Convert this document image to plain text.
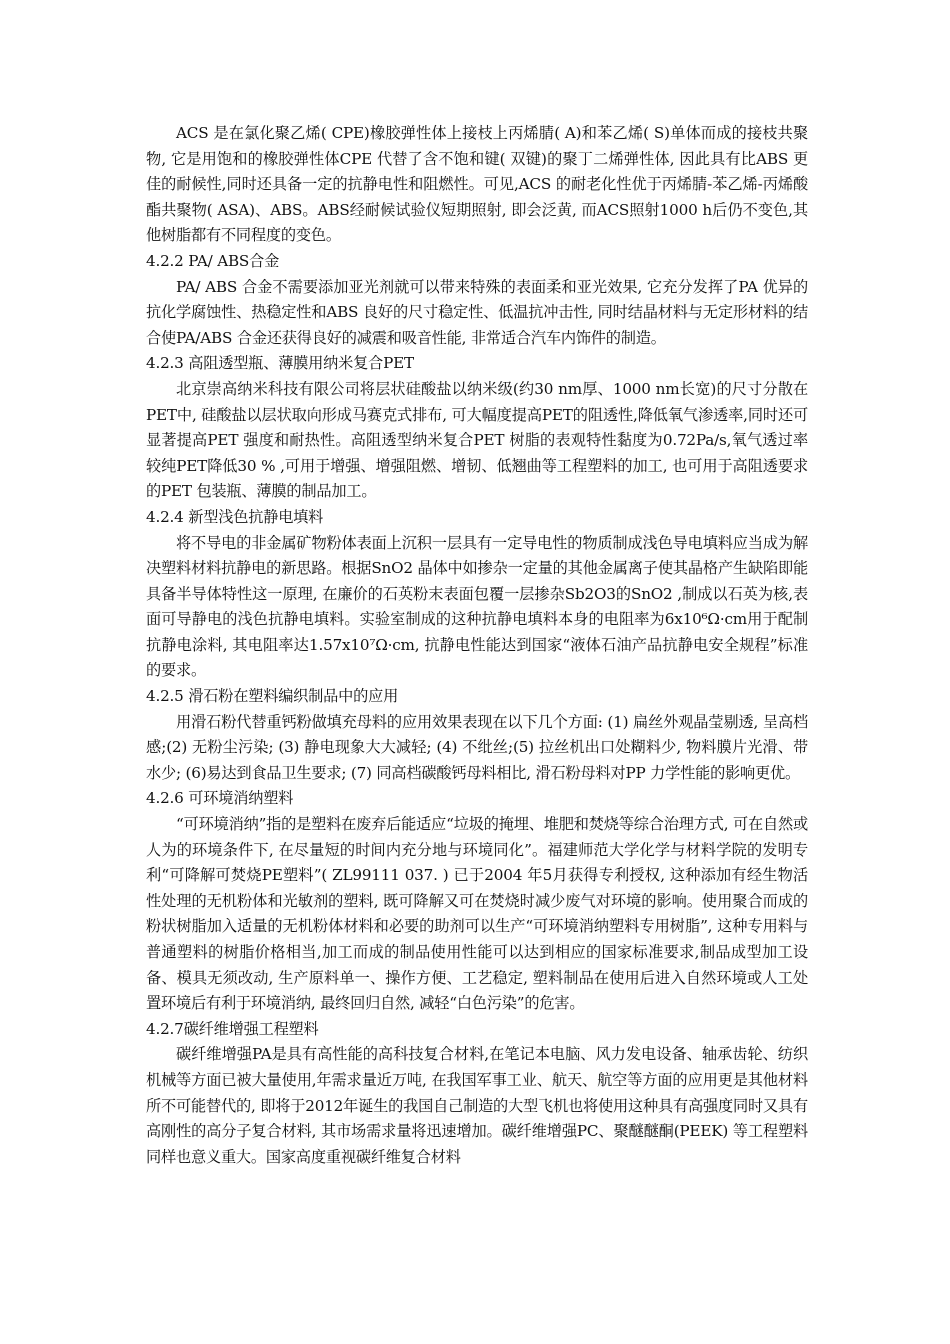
ACS 是在氯化聚乙烯( CPE)橡胶弹性体上接枝上丙烯腈( A)和苯乙烯( S)单体而成的接枝共聚物, 它是用饱和的橡胶弹性体CPE 代替了含不饱和键( 双键)的聚丁二烯弹性体, 因此具有比ABS 更佳的耐候性,同时还具备一定的抗静电性和阻燃性。可见,ACS 的耐老化性优于丙烯腈-苯乙烯-丙烯酸酯共聚物( ASA)、ABS。ABS经耐候试验仪短期照射, 即会泛黄, 而ACS照射1000 h后仍不变色,其他树脂都有不同程度的变色。

4.2.2 PA/ ABS合金

PA/ ABS 合金不需要添加亚光剂就可以带来特殊的表面柔和亚光效果, 它充分发挥了PA 优异的抗化学腐蚀性、热稳定性和ABS 良好的尺寸稳定性、低温抗冲击性, 同时结晶材料与无定形材料的结合使PA/ABS 合金还获得良好的减震和吸音性能, 非常适合汽车内饰件的制造。

4.2.3 高阻透型瓶、薄膜用纳米复合PET

北京崇高纳米科技有限公司将层状硅酸盐以纳米级(约30 nm厚、1000 nm长宽)的尺寸分散在PET中, 硅酸盐以层状取向形成马赛克式排布, 可大幅度提高PET的阻透性,降低氧气渗透率,同时还可显著提高PET 强度和耐热性。高阻透型纳米复合PET 树脂的表观特性黏度为0.72Pa/s,氧气透过率较纯PET降低30 % ,可用于增强、增强阻燃、增韧、低翘曲等工程塑料的加工, 也可用于高阻透要求的PET 包装瓶、薄膜的制品加工。

4.2.4 新型浅色抗静电填料

将不导电的非金属矿物粉体表面上沉积一层具有一定导电性的物质制成浅色导电填料应当成为解决塑料材料抗静电的新思路。根据SnO2 晶体中如掺杂一定量的其他金属离子使其晶格产生缺陷即能具备半导体特性这一原理, 在廉价的石英粉末表面包覆一层掺杂Sb2O3的SnO2 ,制成以石英为核,表面可导静电的浅色抗静电填料。实验室制成的这种抗静电填料本身的电阻率为6x10⁶Ω·cm用于配制抗静电涂料, 其电阻率达1.57x10⁷Ω·cm, 抗静电性能达到国家“液体石油产品抗静电安全规程”标准的要求。

4.2.5 滑石粉在塑料编织制品中的应用

用滑石粉代替重钙粉做填充母料的应用效果表现在以下几个方面: (1) 扁丝外观晶莹剔透, 呈高档感;(2) 无粉尘污染; (3) 静电现象大大减轻; (4) 不纰丝;(5) 拉丝机出口处糊料少, 物料膜片光滑、带水少; (6)易达到食品卫生要求; (7) 同高档碳酸钙母料相比, 滑石粉母料对PP 力学性能的影响更优。

4.2.6 可环境消纳塑料

“可环境消纳”指的是塑料在废弃后能适应“垃圾的掩埋、堆肥和焚烧等综合治理方式, 可在自然或人为的环境条件下, 在尽量短的时间内充分地与环境同化”。福建师范大学化学与材料学院的发明专利“可降解可焚烧PE塑料”( ZL99111 037. ) 已于2004 年5月获得专利授权, 这种添加有经生物活性处理的无机粉体和光敏剂的塑料, 既可降解又可在焚烧时减少废气对环境的影响。使用聚合而成的粉状树脂加入适量的无机粉体材料和必要的助剂可以生产“可环境消纳塑料专用树脂”, 这种专用料与普通塑料的树脂价格相当,加工而成的制品使用性能可以达到相应的国家标准要求,制品成型加工设备、模具无须改动, 生产原料单一、操作方便、工艺稳定, 塑料制品在使用后进入自然环境或人工处置环境后有利于环境消纳, 最终回归自然, 减轻“白色污染”的危害。

4.2.7碳纤维增强工程塑料

碳纤维增强PA是具有高性能的高科技复合材料,在笔记本电脑、风力发电设备、轴承齿轮、纺织机械等方面已被大量使用,年需求量近万吨, 在我国军事工业、航天、航空等方面的应用更是其他材料所不可能替代的, 即将于2012年诞生的我国自己制造的大型飞机也将使用这种具有高强度同时又具有高刚性的高分子复合材料, 其市场需求量将迅速增加。碳纤维增强PC、聚醚醚酮(PEEK) 等工程塑料同样也意义重大。国家高度重视碳纤维复合材料
